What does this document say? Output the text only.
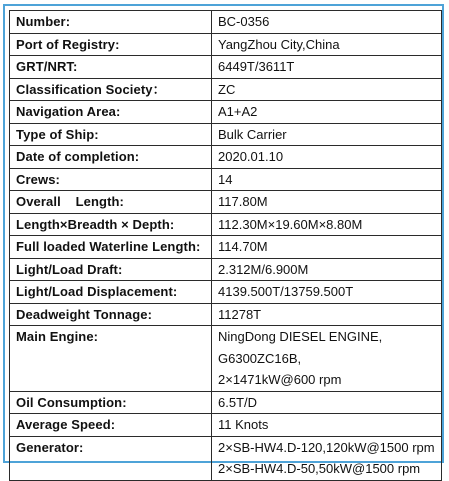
Number:	BC-0356

Port of Registry:	YangZhou City,China

GRT/NRT:	6449T/3611T

Classification Society：	ZC

Navigation Area:	A1+A2

Type of Ship:	Bulk Carrier

Date of completion:	2020.01.10

Crews:	14

Overall    Length:	117.80M

Length×Breadth × Depth:	112.30M×19.60M×8.80M

Full loaded Waterline Length:	114.70M

Light/Load Draft:	2.312M/6.900M

Light/Load Displacement:	4139.500T/13759.500T

Deadweight Tonnage:	11278T

Main Engine:	NingDong DIESEL ENGINE,
G6300ZC16B,
2×1471kW@600 rpm

Oil Consumption:	6.5T/D

Average Speed:	11 Knots

Generator:	2×SB-HW4.D-120,120kW@1500 rpm
2×SB-HW4.D-50,50kW@1500 rpm
